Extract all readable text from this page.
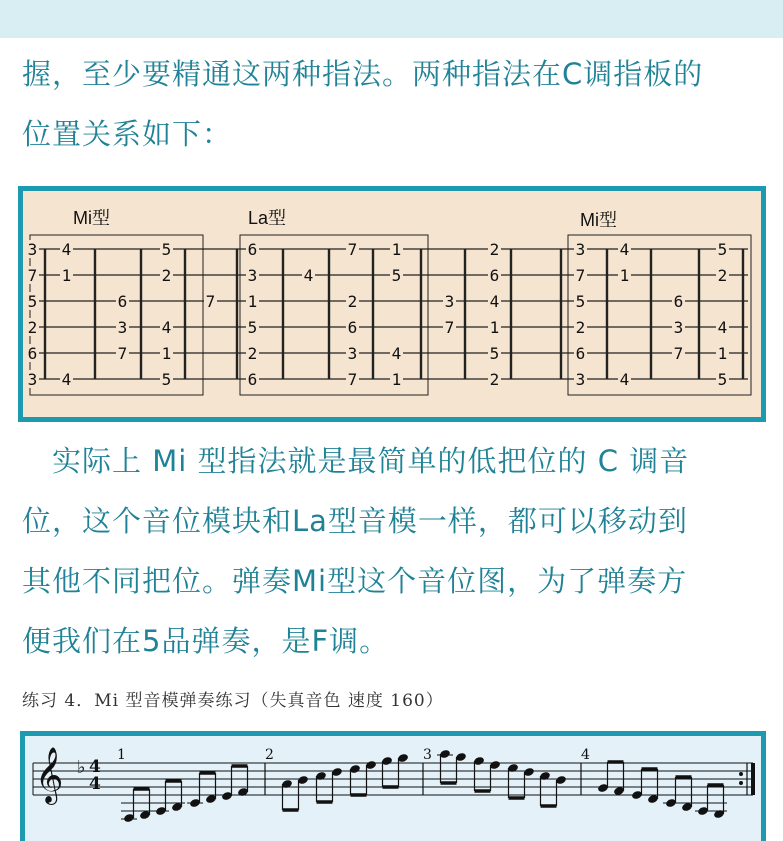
握，至少要精通这两种指法。两种指法在C调指板的
位置关系如下：
Mi型	La型	Mi型
3 4	5	6	7 1	2	3 4	5
7 1	2	3	4	5	6	7 1	2
5	6	7 1	2	3 4	5	6
2	3 4	5	6	7 1	2	3 4
6	7 1	2	3 4	5	6	7 1
3 4	5	6	7 1	2	3 4	5
　实际上 Mi 型指法就是最简单的低把位的 C 调音
位，这个音位模块和La型音模一样，都可以移动到
其他不同把位。弹奏Mi型这个音位图，为了弹奏方
便我们在5品弹奏，是F调。
练习 4．Mi 型音模弹奏练习（失真音色 速度 160）
𝄞 ♭ 4
4
1	2	3	4
